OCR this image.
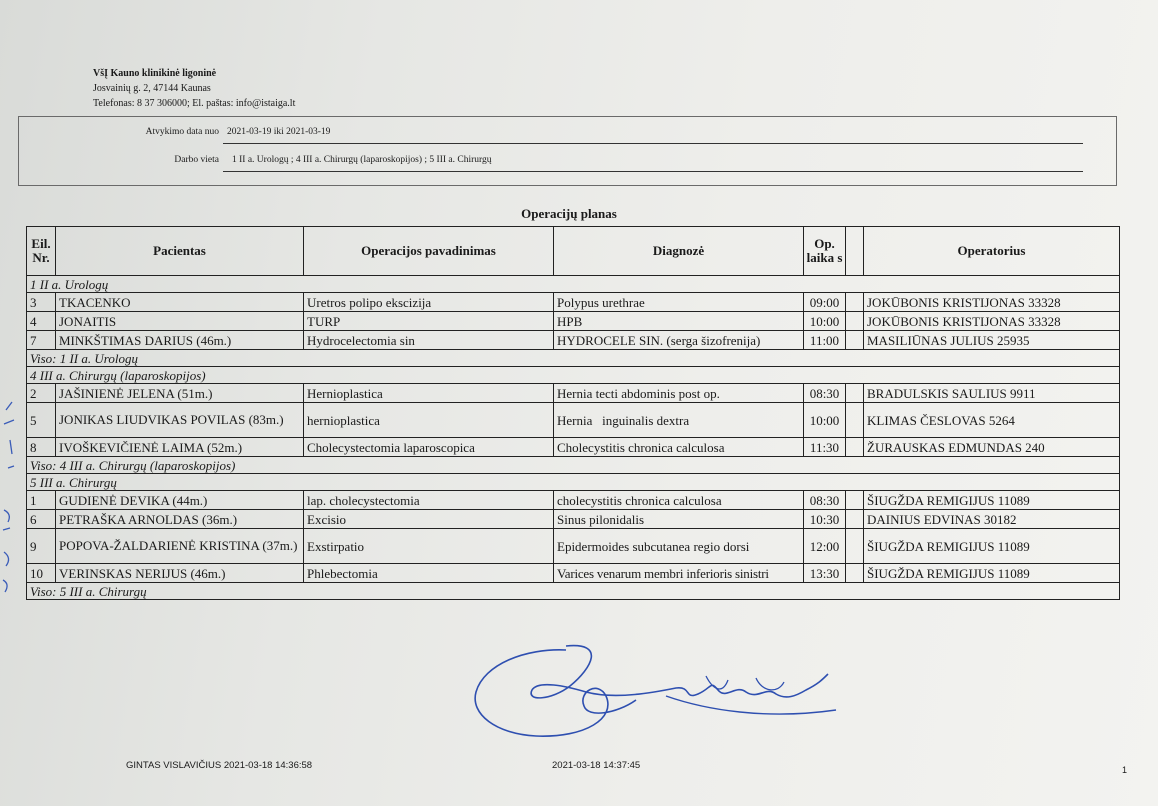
VšĮ Kauno klinikinė ligoninė
Josvainių g. 2, 47144 Kaunas
Telefonas: 8 37 306000; El. paštas: info@istaiga.lt
Atvykimo data nuo 2021-03-19 iki 2021-03-19
Darbo vieta 1 II a. Urologų ; 4 III a. Chirurgų (laparoskopijos) ; 5 III a. Chirurgų
Operacijų planas
Eil. Nr.	Pacientas	Operacijos pavadinimas	Diagnozė	Op. laika s		Operatorius
1 II a. Urologų						
3	TKACENKO	Uretros polipo ekscizija	Polypus urethrae	09:00		JOKŪBONIS KRISTIJONAS 33328
4	JONAITIS	TURP	HPB	10:00		JOKŪBONIS KRISTIJONAS 33328
7	MINKŠTIMAS DARIUS (46m.)	Hydrocelectomia sin	HYDROCELE SIN. (serga šizofrenija)	11:00		MASILIŪNAS JULIUS 25935
Viso: 1 II a. Urologų						
4 III a. Chirurgų (laparoskopijos)						
2	JAŠINIENĖ JELENA (51m.)	Hernioplastica	Hernia tecti abdominis post op.	08:30		BRADULSKIS SAULIUS 9911
5	JONIKAS LIUDVIKAS POVILAS (83m.)	hernioplastica	Hernia   inguinalis dextra	10:00		KLIMAS ČESLOVAS 5264
8	IVOŠKEVIČIENĖ LAIMA (52m.)	Cholecystectomia laparoscopica	Cholecystitis chronica calculosa	11:30		ŽURAUSKAS EDMUNDAS 240
Viso: 4 III a. Chirurgų (laparoskopijos)						
5 III a. Chirurgų						
1	GUDIENĖ DEVIKA (44m.)	lap. cholecystectomia	cholecystitis chronica calculosa	08:30		ŠIUGŽDA REMIGIJUS 11089
6	PETRAŠKA ARNOLDAS (36m.)	Excisio	Sinus pilonidalis	10:30		DAINIUS EDVINAS 30182
9	POPOVA-ŽALDARIENĖ KRISTINA (37m.)	Exstirpatio	Epidermoides subcutanea regio dorsi	12:00		ŠIUGŽDA REMIGIJUS 11089
10	VERINSKAS NERIJUS (46m.)	Phlebectomia	Varices venarum membri inferioris sinistri	13:30		ŠIUGŽDA REMIGIJUS 11089
Viso: 5 III a. Chirurgų						
GINTAS VISLAVIČIUS 2021-03-18 14:36:58	2021-03-18 14:37:45	1
